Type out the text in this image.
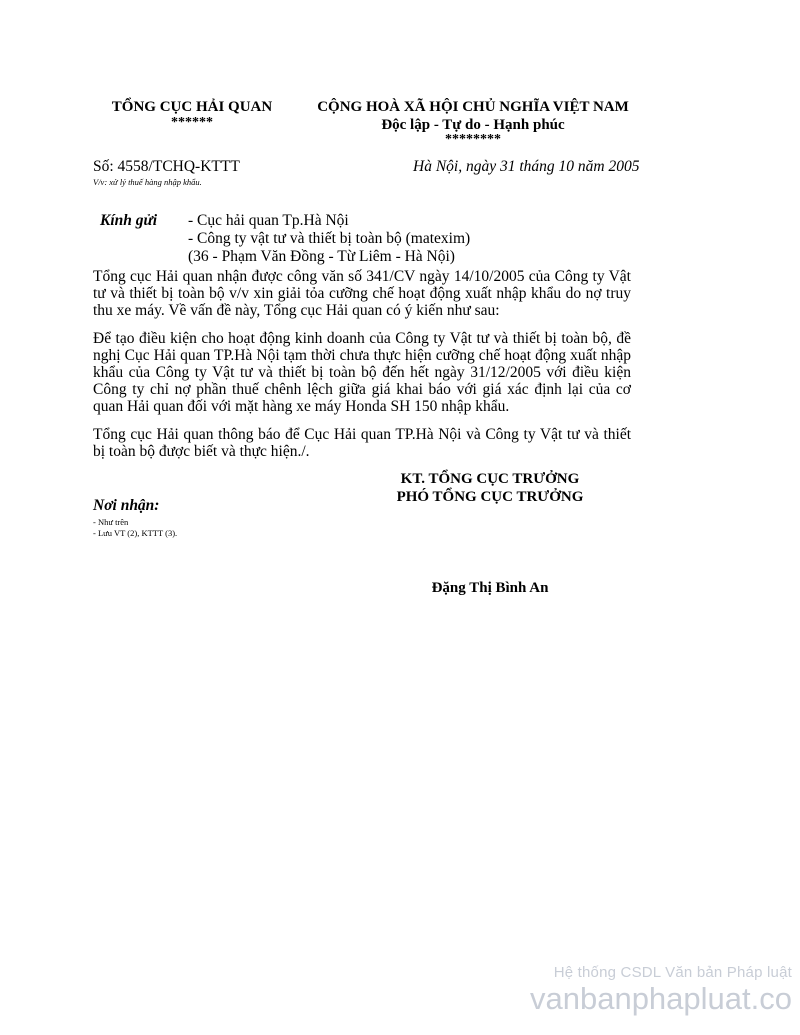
TỔNG CỤC HẢI QUAN
******
CỘNG HOÀ XÃ HỘI CHỦ NGHĨA VIỆT NAM
Độc lập - Tự do - Hạnh phúc
********
Số: 4558/TCHQ-KTTT
V/v: xử lý thuế hàng nhập khẩu.
Hà Nội, ngày 31 tháng 10 năm 2005
Kính gửi - Cục hải quan Tp.Hà Nội
- Công ty vật tư và thiết bị toàn bộ (matexim)
(36 - Phạm Văn Đồng - Từ Liêm - Hà Nội)
Tổng cục Hải quan nhận được công văn số 341/CV ngày 14/10/2005 của Công ty Vật tư và thiết bị toàn bộ v/v xin giải tỏa cưỡng chế hoạt động xuất nhập khẩu do nợ truy thu xe máy. Về vấn đề này, Tổng cục Hải quan có ý kiến như sau:
Để tạo điều kiện cho hoạt động kinh doanh của Công ty Vật tư và thiết bị toàn bộ, đề nghị Cục Hải quan TP.Hà Nội tạm thời chưa thực hiện cưỡng chế hoạt động xuất nhập khẩu của Công ty Vật tư và thiết bị toàn bộ đến hết ngày 31/12/2005 với điều kiện Công ty chỉ nợ phần thuế chênh lệch giữa giá khai báo với giá xác định lại của cơ quan Hải quan đối với mặt hàng xe máy Honda SH 150 nhập khẩu.
Tổng cục Hải quan thông báo để Cục Hải quan TP.Hà Nội và Công ty Vật tư và thiết bị toàn bộ được biết và thực hiện./.
KT. TỔNG CỤC TRƯỞNG
PHÓ TỔNG CỤC TRƯỞNG
Đặng Thị Bình An
Nơi nhận:
- Như trên
- Lưu VT (2), KTTT (3).
Hệ thống CSDL Văn bản Pháp luật
vanbanphapluat.co
